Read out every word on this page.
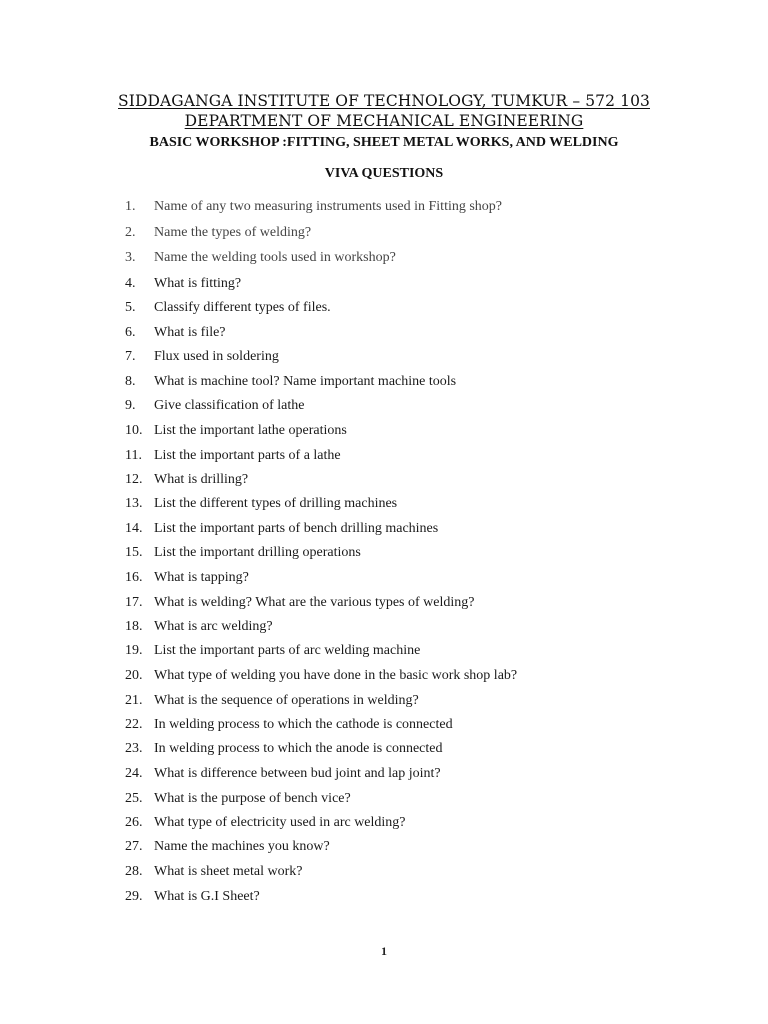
SIDDAGANGA INSTITUTE OF TECHNOLOGY, TUMKUR – 572 103
DEPARTMENT OF MECHANICAL ENGINEERING
BASIC WORKSHOP :FITTING, SHEET METAL WORKS, AND WELDING
VIVA QUESTIONS
1.	Name of any two measuring instruments used in Fitting shop?
2.	Name the types of welding?
3.	Name the welding tools used in workshop?
4.	What is fitting?
5.	Classify different types of files.
6.	What is file?
7.	Flux used in soldering
8.	What is machine tool? Name important machine tools
9.	Give classification of lathe
10. List the important lathe operations
11. List the important parts of a lathe
12. What is drilling?
13. List the different types of drilling machines
14. List the important parts of bench drilling machines
15. List the important drilling operations
16. What is tapping?
17. What is welding? What are the various types of welding?
18. What is arc welding?
19. List the important parts of arc welding machine
20. What type of welding you have done in the basic work shop lab?
21. What is the sequence of operations in welding?
22. In welding process to which the cathode is connected
23. In welding process to which the anode is connected
24. What is difference between bud joint and lap joint?
25. What is the purpose of bench vice?
26. What type of electricity used in arc welding?
27. Name the machines you know?
28. What is sheet metal work?
29. What is G.I Sheet?
1
